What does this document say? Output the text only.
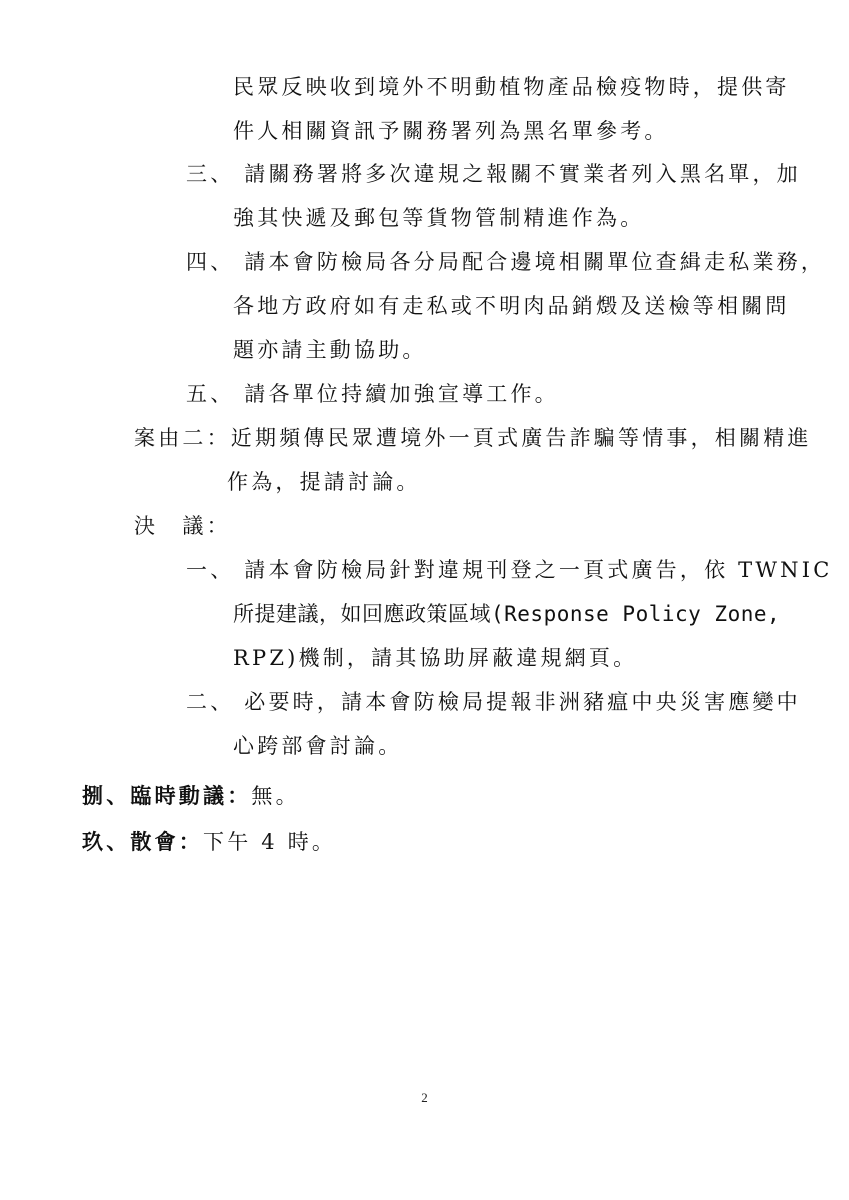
民眾反映收到境外不明動植物產品檢疫物時，提供寄
件人相關資訊予關務署列為黑名單參考。
三、 請關務署將多次違規之報關不實業者列入黑名單，加
強其快遞及郵包等貨物管制精進作為。
四、 請本會防檢局各分局配合邊境相關單位查緝走私業務，
各地方政府如有走私或不明肉品銷燬及送檢等相關問
題亦請主動協助。
五、 請各單位持續加強宣導工作。
案由二：近期頻傳民眾遭境外一頁式廣告詐騙等情事，相關精進
作為，提請討論。
決　議：
一、 請本會防檢局針對違規刊登之一頁式廣告，依 TWNIC
所提建議，如回應政策區域(Response Policy Zone,
RPZ)機制，請其協助屏蔽違規網頁。
二、 必要時，請本會防檢局提報非洲豬瘟中央災害應變中
心跨部會討論。
捌、臨時動議：無。
玖、散會：下午 4 時。
2
